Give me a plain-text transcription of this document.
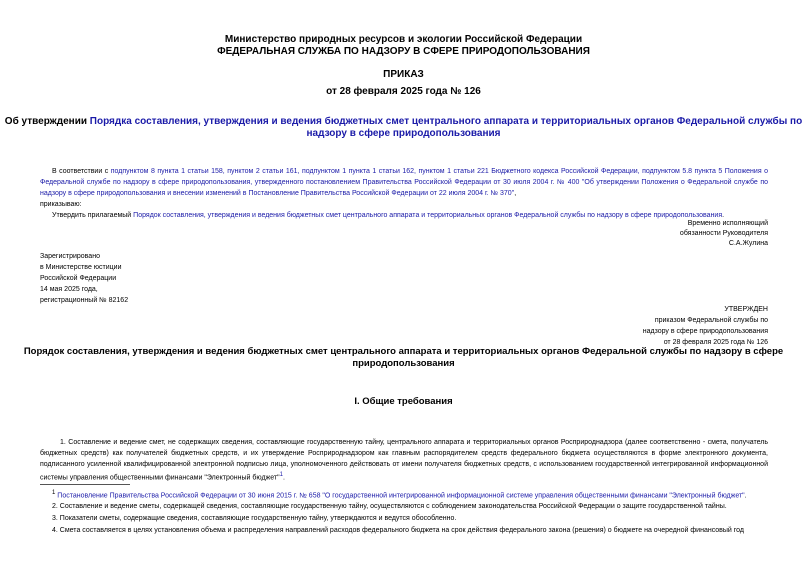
Министерство природных ресурсов и экологии Российской Федерации
ФЕДЕРАЛЬНАЯ СЛУЖБА ПО НАДЗОРУ В СФЕРЕ ПРИРОДОПОЛЬЗОВАНИЯ
ПРИКАЗ
от 28 февраля 2025 года № 126
Об утверждении Порядка составления, утверждения и ведения бюджетных смет центрального аппарата и территориальных органов Федеральной службы по
надзору в сфере природопользования
В соответствии с подпунктом 8 пункта 1 статьи 158, пунктом 2 статьи 161, подпунктом 1 пункта 1 статьи 162, пунктом 1 статьи 221 Бюджетного кодекса Российской Федерации, подпунктом 5.8 пункта 5 Положения о Федеральной службе по надзору в сфере природопользования, утвержденного постановлением Правительства Российской Федерации от 30 июля 2004 г. № 400 "Об утверждении Положения о Федеральной службе по надзору в сфере природопользования и внесении изменений в Постановление Правительства Российской Федерации от 22 июля 2004 г. № 370",
приказываю:
Утвердить прилагаемый Порядок составления, утверждения и ведения бюджетных смет центрального аппарата и территориальных органов Федеральной службы по надзору в сфере природопользования.
Временно исполняющий
обязанности Руководителя
С.А.Жулина
Зарегистрировано
в Министерстве юстиции
Российской Федерации
14 мая 2025 года,
регистрационный № 82162
УТВЕРЖДЕН
приказом Федеральной службы по
надзору в сфере природопользования
от 28 февраля 2025 года № 126
Порядок составления, утверждения и ведения бюджетных смет центрального аппарата и территориальных органов Федеральной службы по надзору в сфере
природопользования
I. Общие требования
1. Составление и ведение смет, не содержащих сведения, составляющие государственную тайну, центрального аппарата и территориальных органов Росприроднадзора (далее соответственно - смета, получатель бюджетных средств) как получателей бюджетных средств, и их утверждение Росприроднадзором как главным распорядителем средств федерального бюджета осуществляются в форме электронного документа, подписанного усиленной квалифицированной электронной подписью лица, уполномоченного действовать от имени получателя бюджетных средств, с использованием государственной интегрированной информационной системы управления общественными финансами "Электронный бюджет"1.
1 Постановление Правительства Российской Федерации от 30 июня 2015 г. № 658 "О государственной интегрированной информационной системе управления общественными финансами "Электронный бюджет".
2. Составление и ведение сметы, содержащей сведения, составляющие государственную тайну, осуществляются с соблюдением законодательства Российской Федерации о защите государственной тайны.
3. Показатели сметы, содержащие сведения, составляющие государственную тайну, утверждаются и ведутся обособленно.
4. Смета составляется в целях установления объема и распределения направлений расходов федерального бюджета на срок действия федерального закона (решения) о бюджете на очередной финансовый год
